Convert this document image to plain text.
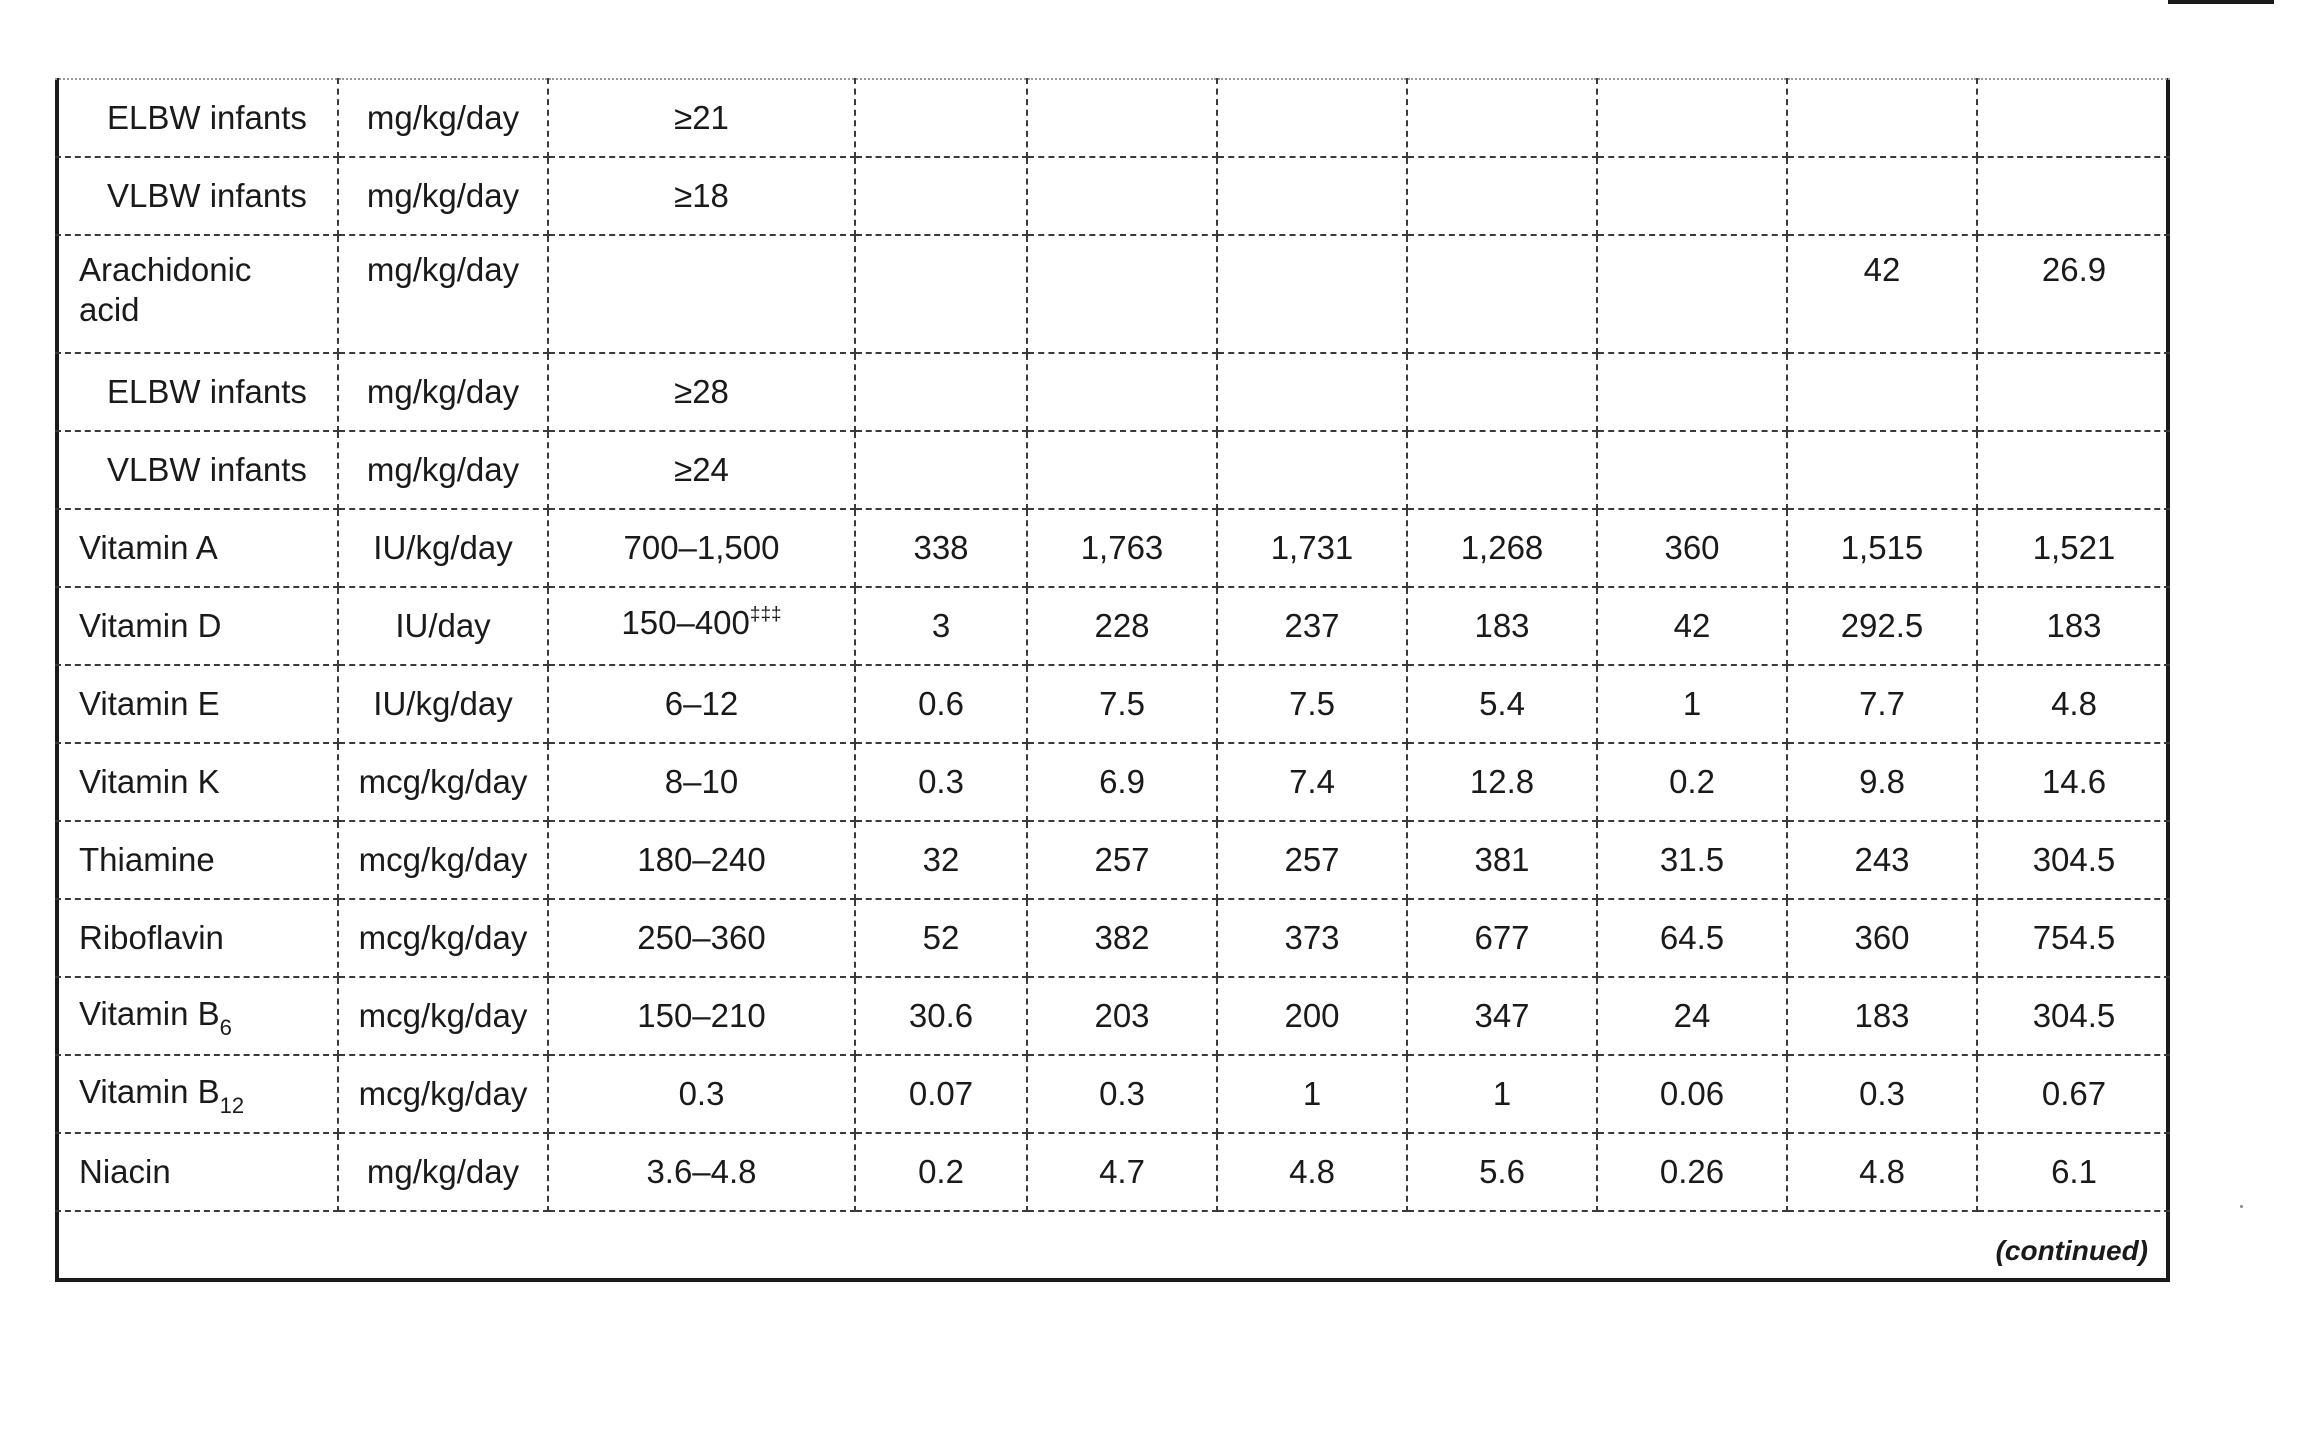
ELBW infants	mg/kg/day	≥21							
VLBW infants	mg/kg/day	≥18							
Arachidonic acid	mg/kg/day							42	26.9
ELBW infants	mg/kg/day	≥28							
VLBW infants	mg/kg/day	≥24							
Vitamin A	IU/kg/day	700–1,500	338	1,763	1,731	1,268	360	1,515	1,521
Vitamin D	IU/day	150–400‡‡‡	3	228	237	183	42	292.5	183
Vitamin E	IU/kg/day	6–12	0.6	7.5	7.5	5.4	1	7.7	4.8
Vitamin K	mcg/kg/day	8–10	0.3	6.9	7.4	12.8	0.2	9.8	14.6
Thiamine	mcg/kg/day	180–240	32	257	257	381	31.5	243	304.5
Riboflavin	mcg/kg/day	250–360	52	382	373	677	64.5	360	754.5
Vitamin $B_6$	mcg/kg/day	150–210	30.6	203	200	347	24	183	304.5
Vitamin $B_{12}$	mcg/kg/day	0.3	0.07	0.3	1	1	0.06	0.3	0.67
Niacin	mg/kg/day	3.6–4.8	0.2	4.7	4.8	5.6	0.26	4.8	6.1
(continued)									
